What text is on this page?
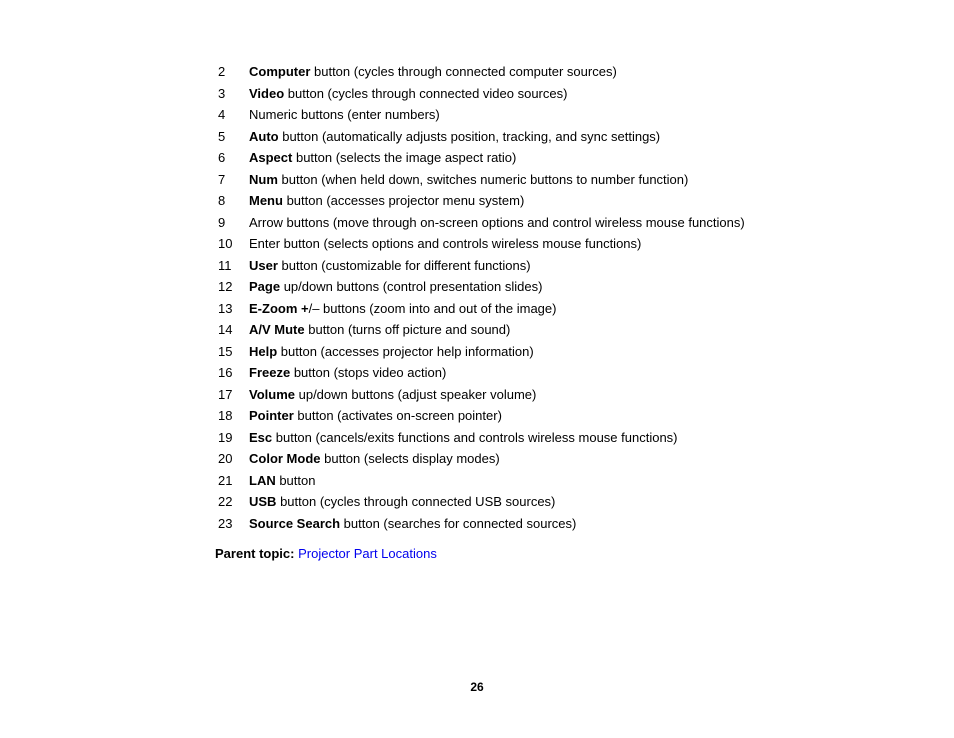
2 Computer button (cycles through connected computer sources)
3 Video button (cycles through connected video sources)
4 Numeric buttons (enter numbers)
5 Auto button (automatically adjusts position, tracking, and sync settings)
6 Aspect button (selects the image aspect ratio)
7 Num button (when held down, switches numeric buttons to number function)
8 Menu button (accesses projector menu system)
9 Arrow buttons (move through on-screen options and control wireless mouse functions)
10 Enter button (selects options and controls wireless mouse functions)
11 User button (customizable for different functions)
12 Page up/down buttons (control presentation slides)
13 E-Zoom +/– buttons (zoom into and out of the image)
14 A/V Mute button (turns off picture and sound)
15 Help button (accesses projector help information)
16 Freeze button (stops video action)
17 Volume up/down buttons (adjust speaker volume)
18 Pointer button (activates on-screen pointer)
19 Esc button (cancels/exits functions and controls wireless mouse functions)
20 Color Mode button (selects display modes)
21 LAN button
22 USB button (cycles through connected USB sources)
23 Source Search button (searches for connected sources)
Parent topic: Projector Part Locations
26
